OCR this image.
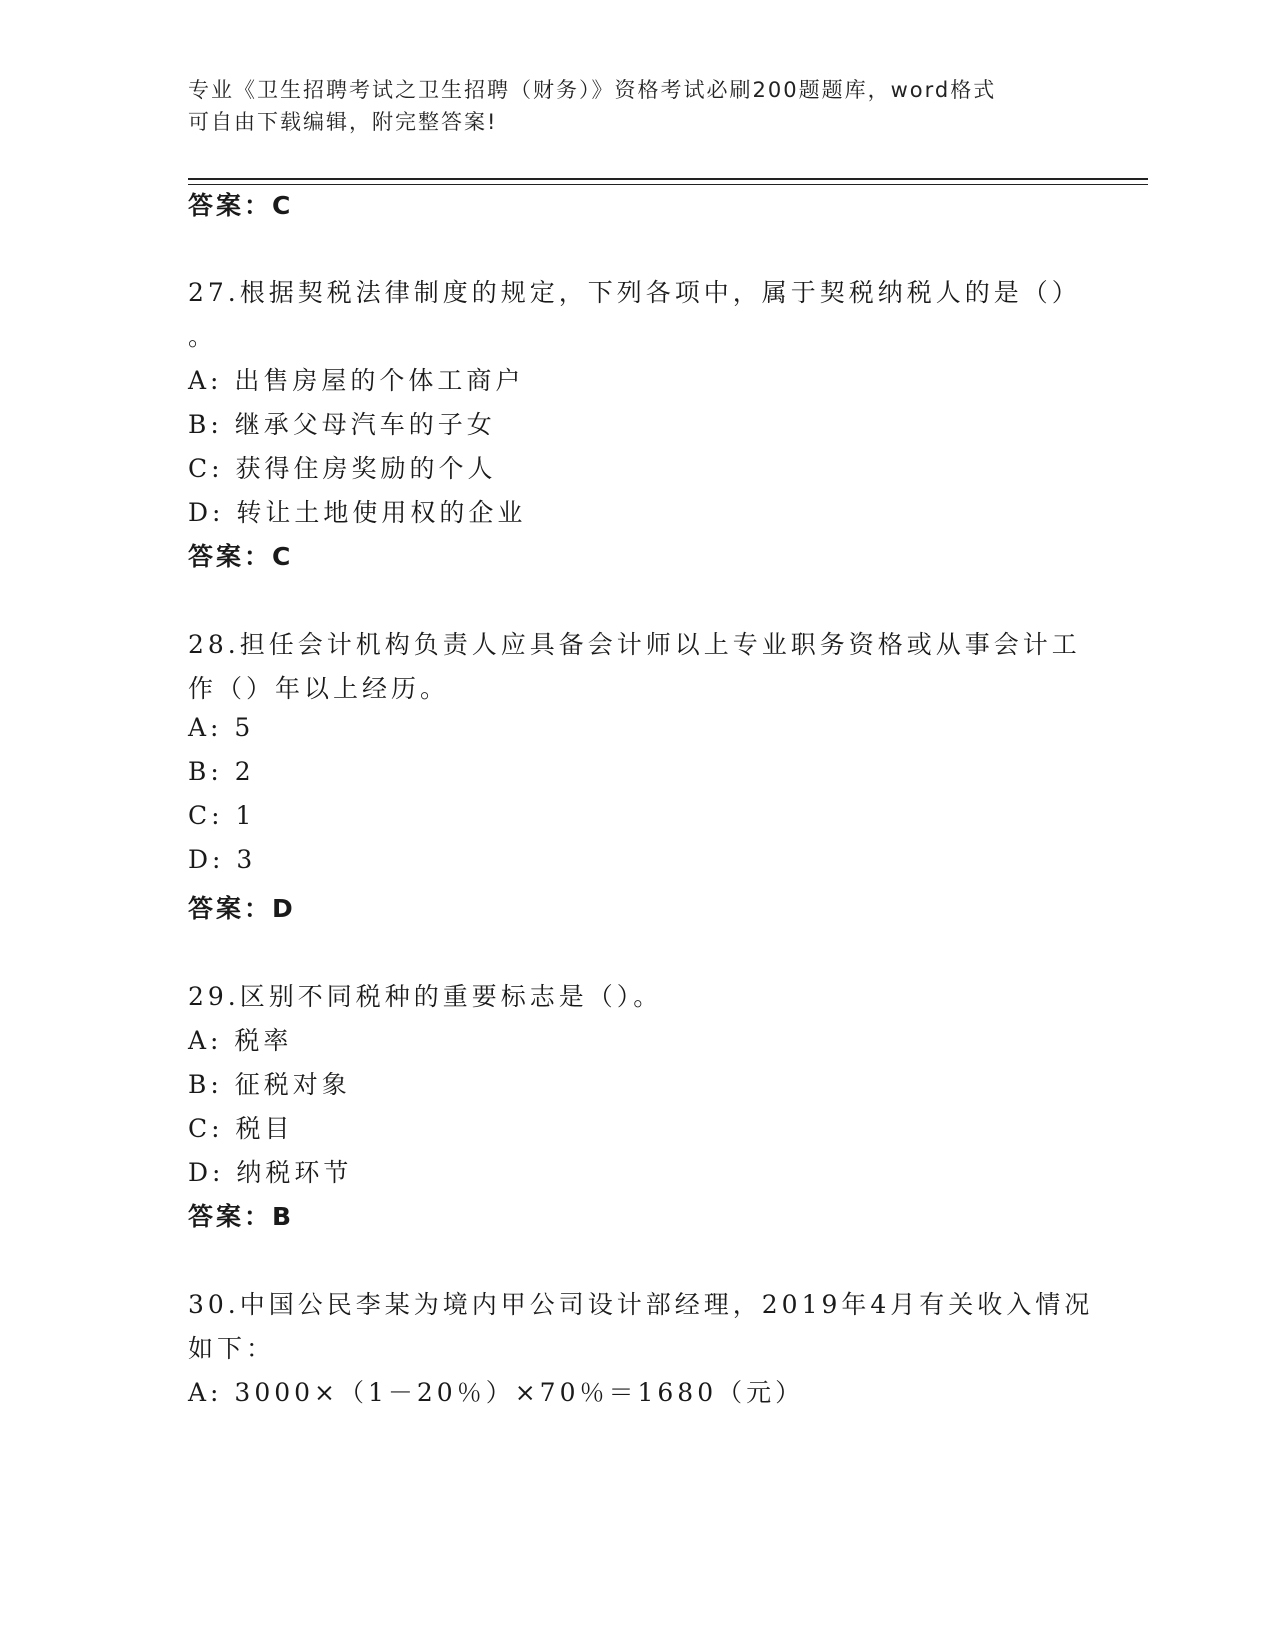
专业《卫生招聘考试之卫生招聘（财务）》资格考试必刷200题题库，word格式
可自由下载编辑，附完整答案!
答案：C
27.根据契税法律制度的规定，下列各项中，属于契税纳税人的是（）
。
A: 出售房屋的个体工商户
B: 继承父母汽车的子女
C: 获得住房奖励的个人
D: 转让土地使用权的企业
答案：C
28.担任会计机构负责人应具备会计师以上专业职务资格或从事会计工
作（）年以上经历。
A: 5
B: 2
C: 1
D: 3
答案：D
29.区别不同税种的重要标志是（）。
A: 税率
B: 征税对象
C: 税目
D: 纳税环节
答案：B
30.中国公民李某为境内甲公司设计部经理，2019年4月有关收入情况
如下：
A: 3000×（1－20％）×70％＝1680（元）
